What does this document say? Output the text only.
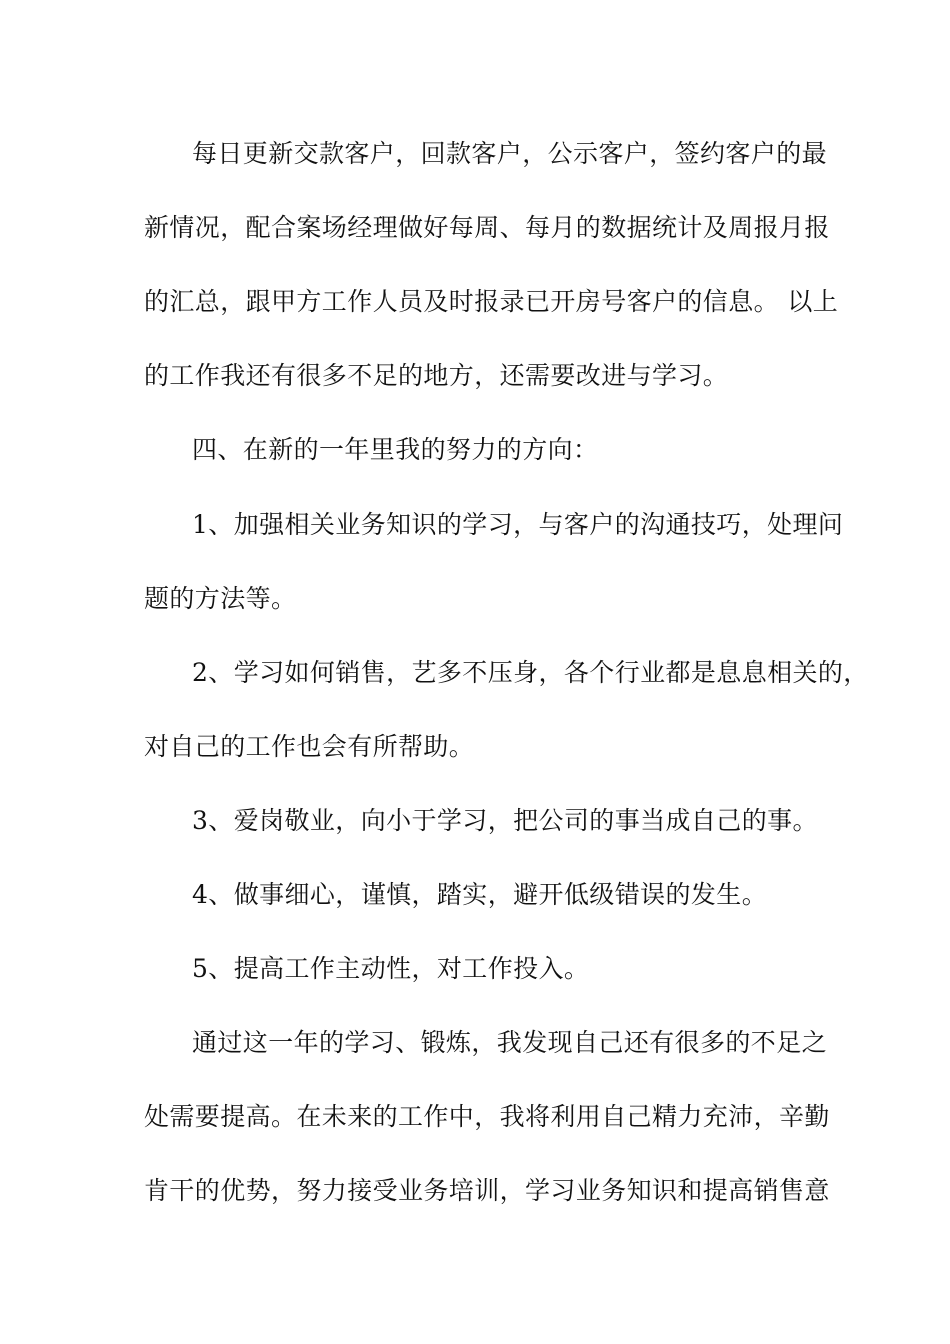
每日更新交款客户，回款客户，公示客户，签约客户的最
新情况，配合案场经理做好每周、每月的数据统计及周报月报
的汇总，跟甲方工作人员及时报录已开房号客户的信息。 以上
的工作我还有很多不足的地方，还需要改进与学习。
四、在新的一年里我的努力的方向：
1、加强相关业务知识的学习，与客户的沟通技巧，处理问
题的方法等。
2、学习如何销售，艺多不压身，各个行业都是息息相关的，
对自己的工作也会有所帮助。
3、爱岗敬业，向小于学习，把公司的事当成自己的事。
4、做事细心，谨慎，踏实，避开低级错误的发生。
5、提高工作主动性，对工作投入。
通过这一年的学习、锻炼，我发现自己还有很多的不足之
处需要提高。在未来的工作中，我将利用自己精力充沛，辛勤
肯干的优势，努力接受业务培训，学习业务知识和提高销售意
